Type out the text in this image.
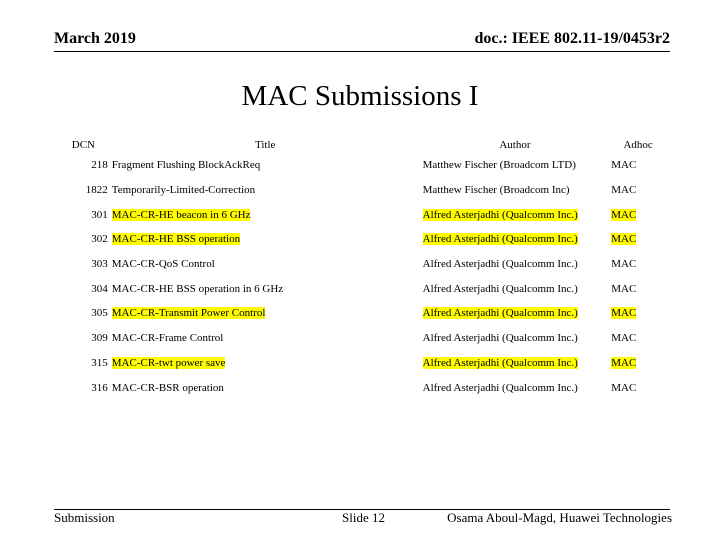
March 2019	doc.: IEEE 802.11-19/0453r2
MAC Submissions I
DCN	Title	Author	Adhoc
218	Fragment Flushing BlockAckReq	Matthew Fischer (Broadcom LTD)	MAC
1822	Temporarily-Limited-Correction	Matthew Fischer (Broadcom Inc)	MAC
301	MAC-CR-HE beacon in 6 GHz	Alfred Asterjadhi (Qualcomm Inc.)	MAC
302	MAC-CR-HE BSS operation	Alfred Asterjadhi (Qualcomm Inc.)	MAC
303	MAC-CR-QoS Control	Alfred Asterjadhi (Qualcomm Inc.)	MAC
304	MAC-CR-HE BSS operation in 6 GHz	Alfred Asterjadhi (Qualcomm Inc.)	MAC
305	MAC-CR-Transmit Power Control	Alfred Asterjadhi (Qualcomm Inc.)	MAC
309	MAC-CR-Frame Control	Alfred Asterjadhi (Qualcomm Inc.)	MAC
315	MAC-CR-twt power save	Alfred Asterjadhi (Qualcomm Inc.)	MAC
316	MAC-CR-BSR operation	Alfred Asterjadhi (Qualcomm Inc.)	MAC
Submission	Slide 12	Osama Aboul-Magd, Huawei Technologies
